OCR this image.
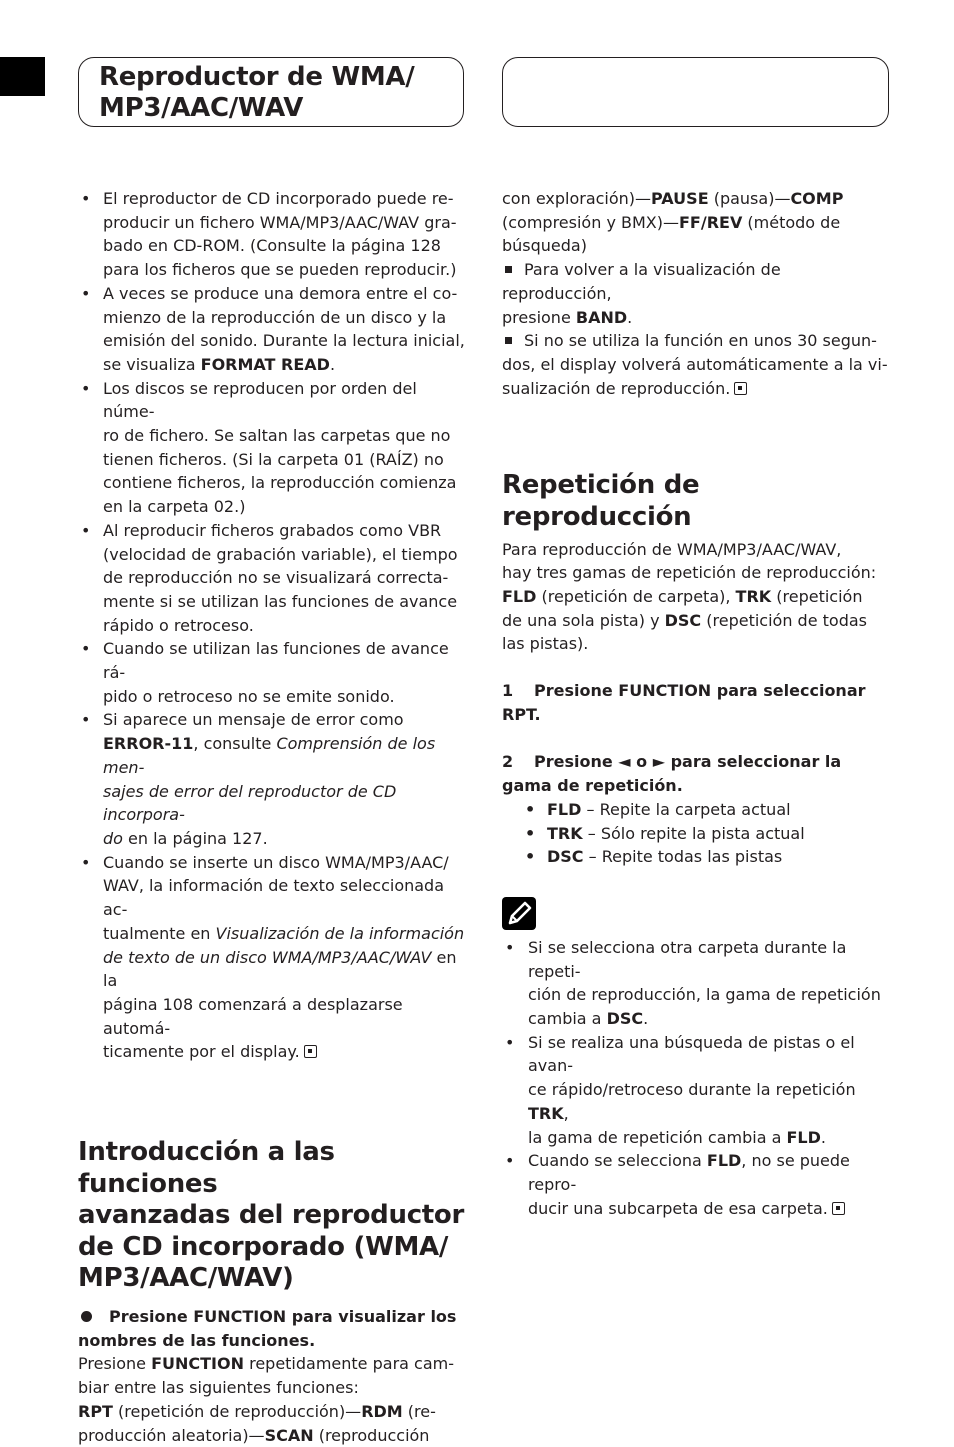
Reproductor de WMA/
MP3/AAC/WAV
• El reproductor de CD incorporado puede re-
producir un fichero WMA/MP3/AAC/WAV gra-
bado en CD-ROM. (Consulte la página 128
para los ficheros que se pueden reproducir.)
• A veces se produce una demora entre el co-
mienzo de la reproducción de un disco y la
emisión del sonido. Durante la lectura inicial,
se visualiza FORMAT READ.
• Los discos se reproducen por orden del núme-
ro de fichero. Se saltan las carpetas que no
tienen ficheros. (Si la carpeta 01 (RAÍZ) no
contiene ficheros, la reproducción comienza
en la carpeta 02.)
• Al reproducir ficheros grabados como VBR
(velocidad de grabación variable), el tiempo
de reproducción no se visualizará correcta-
mente si se utilizan las funciones de avance
rápido o retroceso.
• Cuando se utilizan las funciones de avance rá-
pido o retroceso no se emite sonido.
• Si aparece un mensaje de error como
ERROR-11, consulte Comprensión de los men-
sajes de error del reproductor de CD incorpora-
do en la página 127.
• Cuando se inserte un disco WMA/MP3/AAC/
WAV, la información de texto seleccionada ac-
tualmente en Visualización de la información
de texto de un disco WMA/MP3/AAC/WAV en la
página 108 comenzará a desplazarse automá-
ticamente por el display.
Introducción a las funciones
avanzadas del reproductor
de CD incorporado (WMA/
MP3/AAC/WAV)

Presione FUNCTION para visualizar los
nombres de las funciones.

Presione FUNCTION repetidamente para cam-
biar entre las siguientes funciones:
RPT (repetición de reproducción)—RDM (re-
producción aleatoria)—SCAN (reproducción

con exploración)—PAUSE (pausa)—COMP
(compresión y BMX)—FF/REV (método de
búsqueda)

Para volver a la visualización de reproducción,
presione BAND.

Si no se utiliza la función en unos 30 segun-
dos, el display volverá automáticamente a la vi-
sualización de reproducción.

Repetición de reproducción

Para reproducción de WMA/MP3/AAC/WAV,
hay tres gamas de repetición de reproducción:
FLD (repetición de carpeta), TRK (repetición
de una sola pista) y DSC (repetición de todas
las pistas).

1 Presione FUNCTION para seleccionar
RPT.

2 Presione ◄ o ► para seleccionar la
gama de repetición.

• FLD – Repite la carpeta actual
• TRK – Sólo repite la pista actual
• DSC – Repite todas las pistas
• Si se selecciona otra carpeta durante la repeti-
ción de reproducción, la gama de repetición
cambia a DSC.
• Si se realiza una búsqueda de pistas o el avan-
ce rápido/retroceso durante la repetición TRK,
la gama de repetición cambia a FLD.
• Cuando se selecciona FLD, no se puede repro-
ducir una subcarpeta de esa carpeta.
